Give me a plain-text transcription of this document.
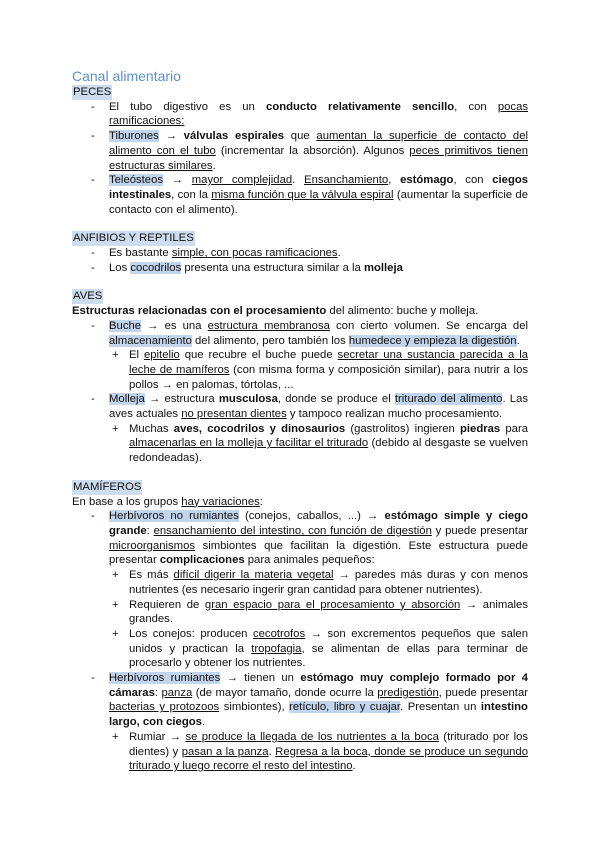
Canal alimentario

PECES
- El tubo digestivo es un conducto relativamente sencillo, con pocas ramificaciones:
- Tiburones → válvulas espirales que aumentan la superficie de contacto del alimento con el tubo (incrementar la absorción). Algunos peces primitivos tienen estructuras similares.
- Teleósteos → mayor complejidad. Ensanchamiento, estómago, con ciegos intestinales, con la misma función que la válvula espiral (aumentar la superficie de contacto con el alimento).
ANFIBIOS Y REPTILES
- Es bastante simple, con pocas ramificaciones.
- Los cocodrilos presenta una estructura similar a la molleja
AVES

Estructuras relacionadas con el procesamiento del alimento: buche y molleja.

- Buche → es una estructura membranosa con cierto volumen. Se encarga del almacenamiento del alimento, pero también los humedece y empieza la digestión.
+ El epitelio que recubre el buche puede secretar una sustancia parecida a la leche de mamíferos (con misma forma y composición similar), para nutrir a los pollos → en palomas, tórtolas, ...
- Molleja → estructura musculosa, donde se produce el triturado del alimento. Las aves actuales no presentan dientes y tampoco realizan mucho procesamiento.
+ Muchas aves, cocodrilos y dinosaurios (gastrolitos) ingieren piedras para almacenarlas en la molleja y facilitar el triturado (debido al desgaste se vuelven redondeadas).
MAMÍFEROS

En base a los grupos hay variaciones:

- Herbívoros no rumiantes (conejos, caballos, ...) → estómago simple y ciego grande: ensanchamiento del intestino, con función de digestión y puede presentar microorganismos simbiontes que facilitan la digestión. Este estructura puede presentar complicaciones para animales pequeños:
+ Es más difícil digerir la materia vegetal → paredes más duras y con menos nutrientes (es necesario ingerir gran cantidad para obtener nutrientes).
+ Requieren de gran espacio para el procesamiento y absorción → animales grandes.
+ Los conejos: producen cecotrofos → son excrementos pequeños que salen unidos y practican la tropofagia, se alimentan de ellas para terminar de procesarlo y obtener los nutrientes.
- Herbívoros rumiantes → tienen un estómago muy complejo formado por 4 cámaras: panza (de mayor tamaño, donde ocurre la predigestión, puede presentar bacterias y protozoos simbiontes), retículo, libro y cuajar. Presentan un intestino largo, con ciegos.
+ Rumiar → se produce la llegada de los nutrientes a la boca (triturado por los dientes) y pasan a la panza. Regresa a la boca, donde se produce un segundo triturado y luego recorre el resto del intestino.
